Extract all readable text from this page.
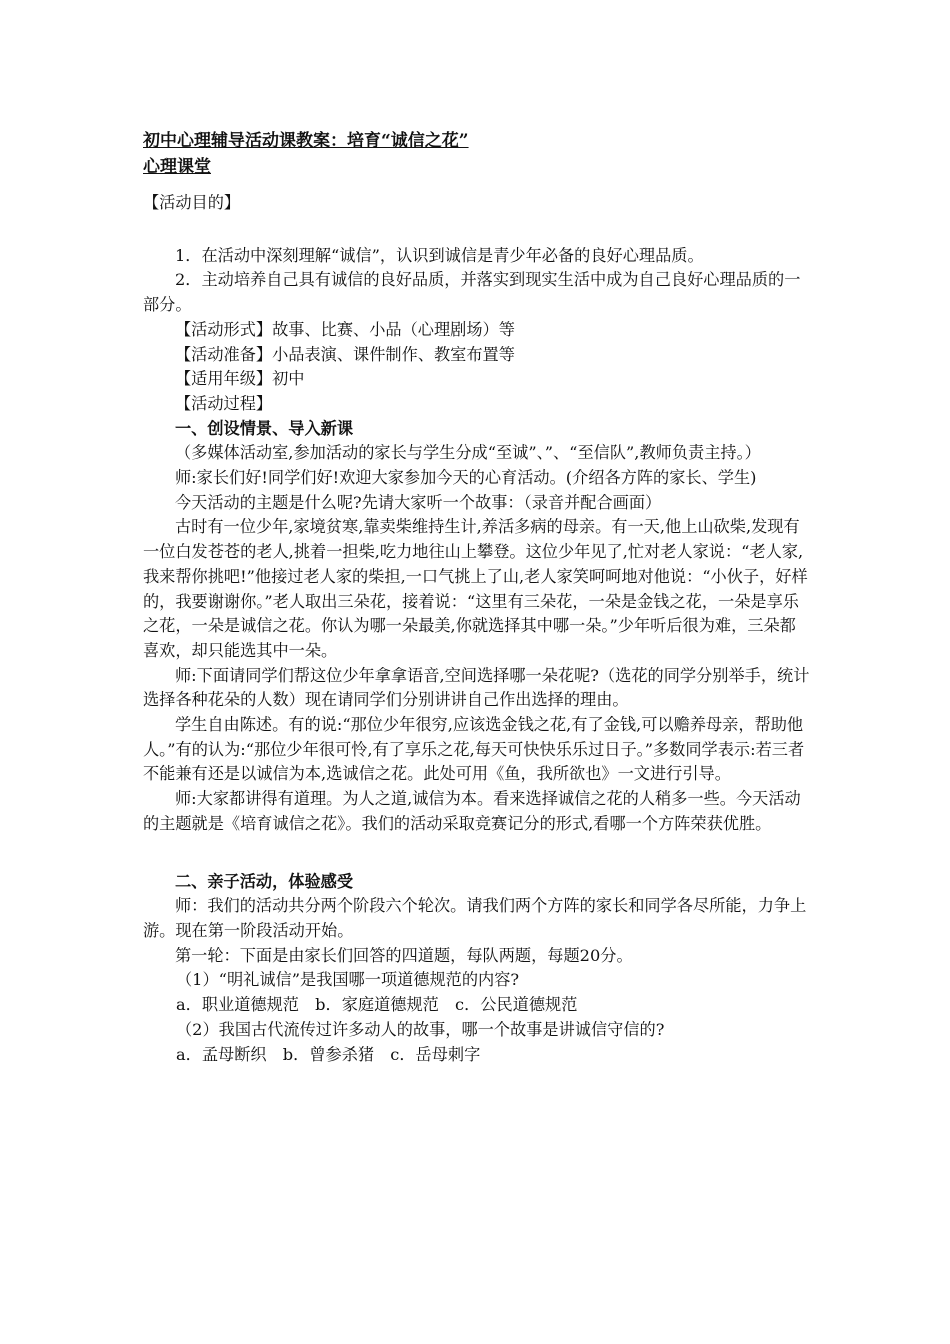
初中心理辅导活动课教案：培育“诚信之花”
心理课堂

【活动目的】

1．在活动中深刻理解“诚信”，认识到诚信是青少年必备的良好心理品质。

2．主动培养自己具有诚信的良好品质，并落实到现实生活中成为自己良好心理品质的一部分。

【活动形式】故事、比赛、小品（心理剧场）等

【活动准备】小品表演、课件制作、教室布置等

【适用年级】初中

【活动过程】

一、创设情景、导入新课

（多媒体活动室,参加活动的家长与学生分成“至诚”、”、“至信队”,教师负责主持。）

师:家长们好!同学们好!欢迎大家参加今天的心育活动。(介绍各方阵的家长、学生)

今天活动的主题是什么呢?先请大家听一个故事：（录音并配合画面）

古时有一位少年,家境贫寒,靠卖柴维持生计,养活多病的母亲。有一天,他上山砍柴,发现有一位白发苍苍的老人,挑着一担柴,吃力地往山上攀登。这位少年见了,忙对老人家说：“老人家,我来帮你挑吧!”他接过老人家的柴担,一口气挑上了山,老人家笑呵呵地对他说：“小伙子，好样的，我要谢谢你。”老人取出三朵花，接着说：“这里有三朵花，一朵是金钱之花，一朵是享乐之花，一朵是诚信之花。你认为哪一朵最美,你就选择其中哪一朵。”少年听后很为难，三朵都喜欢，却只能选其中一朵。

师:下面请同学们帮这位少年拿拿语音,空间选择哪一朵花呢?（选花的同学分别举手，统计选择各种花朵的人数）现在请同学们分别讲讲自己作出选择的理由。

学生自由陈述。有的说:“那位少年很穷,应该选金钱之花,有了金钱,可以赡养母亲，帮助他人。”有的认为:“那位少年很可怜,有了享乐之花,每天可快快乐乐过日子。”多数同学表示:若三者不能兼有还是以诚信为本,选诚信之花。此处可用《鱼，我所欲也》一文进行引导。

师:大家都讲得有道理。为人之道,诚信为本。看来选择诚信之花的人稍多一些。今天活动的主题就是《培育诚信之花》。我们的活动采取竞赛记分的形式,看哪一个方阵荣获优胜。

二、亲子活动，体验感受

师：我们的活动共分两个阶段六个轮次。请我们两个方阵的家长和同学各尽所能，力争上游。现在第一阶段活动开始。

第一轮：下面是由家长们回答的四道题，每队两题，每题20分。

（1）“明礼诚信”是我国哪一项道德规范的内容?

a．职业道德规范　b．家庭道德规范　c．公民道德规范

（2）我国古代流传过许多动人的故事，哪一个故事是讲诚信守信的?

a．孟母断织　b．曾参杀猪　c．岳母刺字
